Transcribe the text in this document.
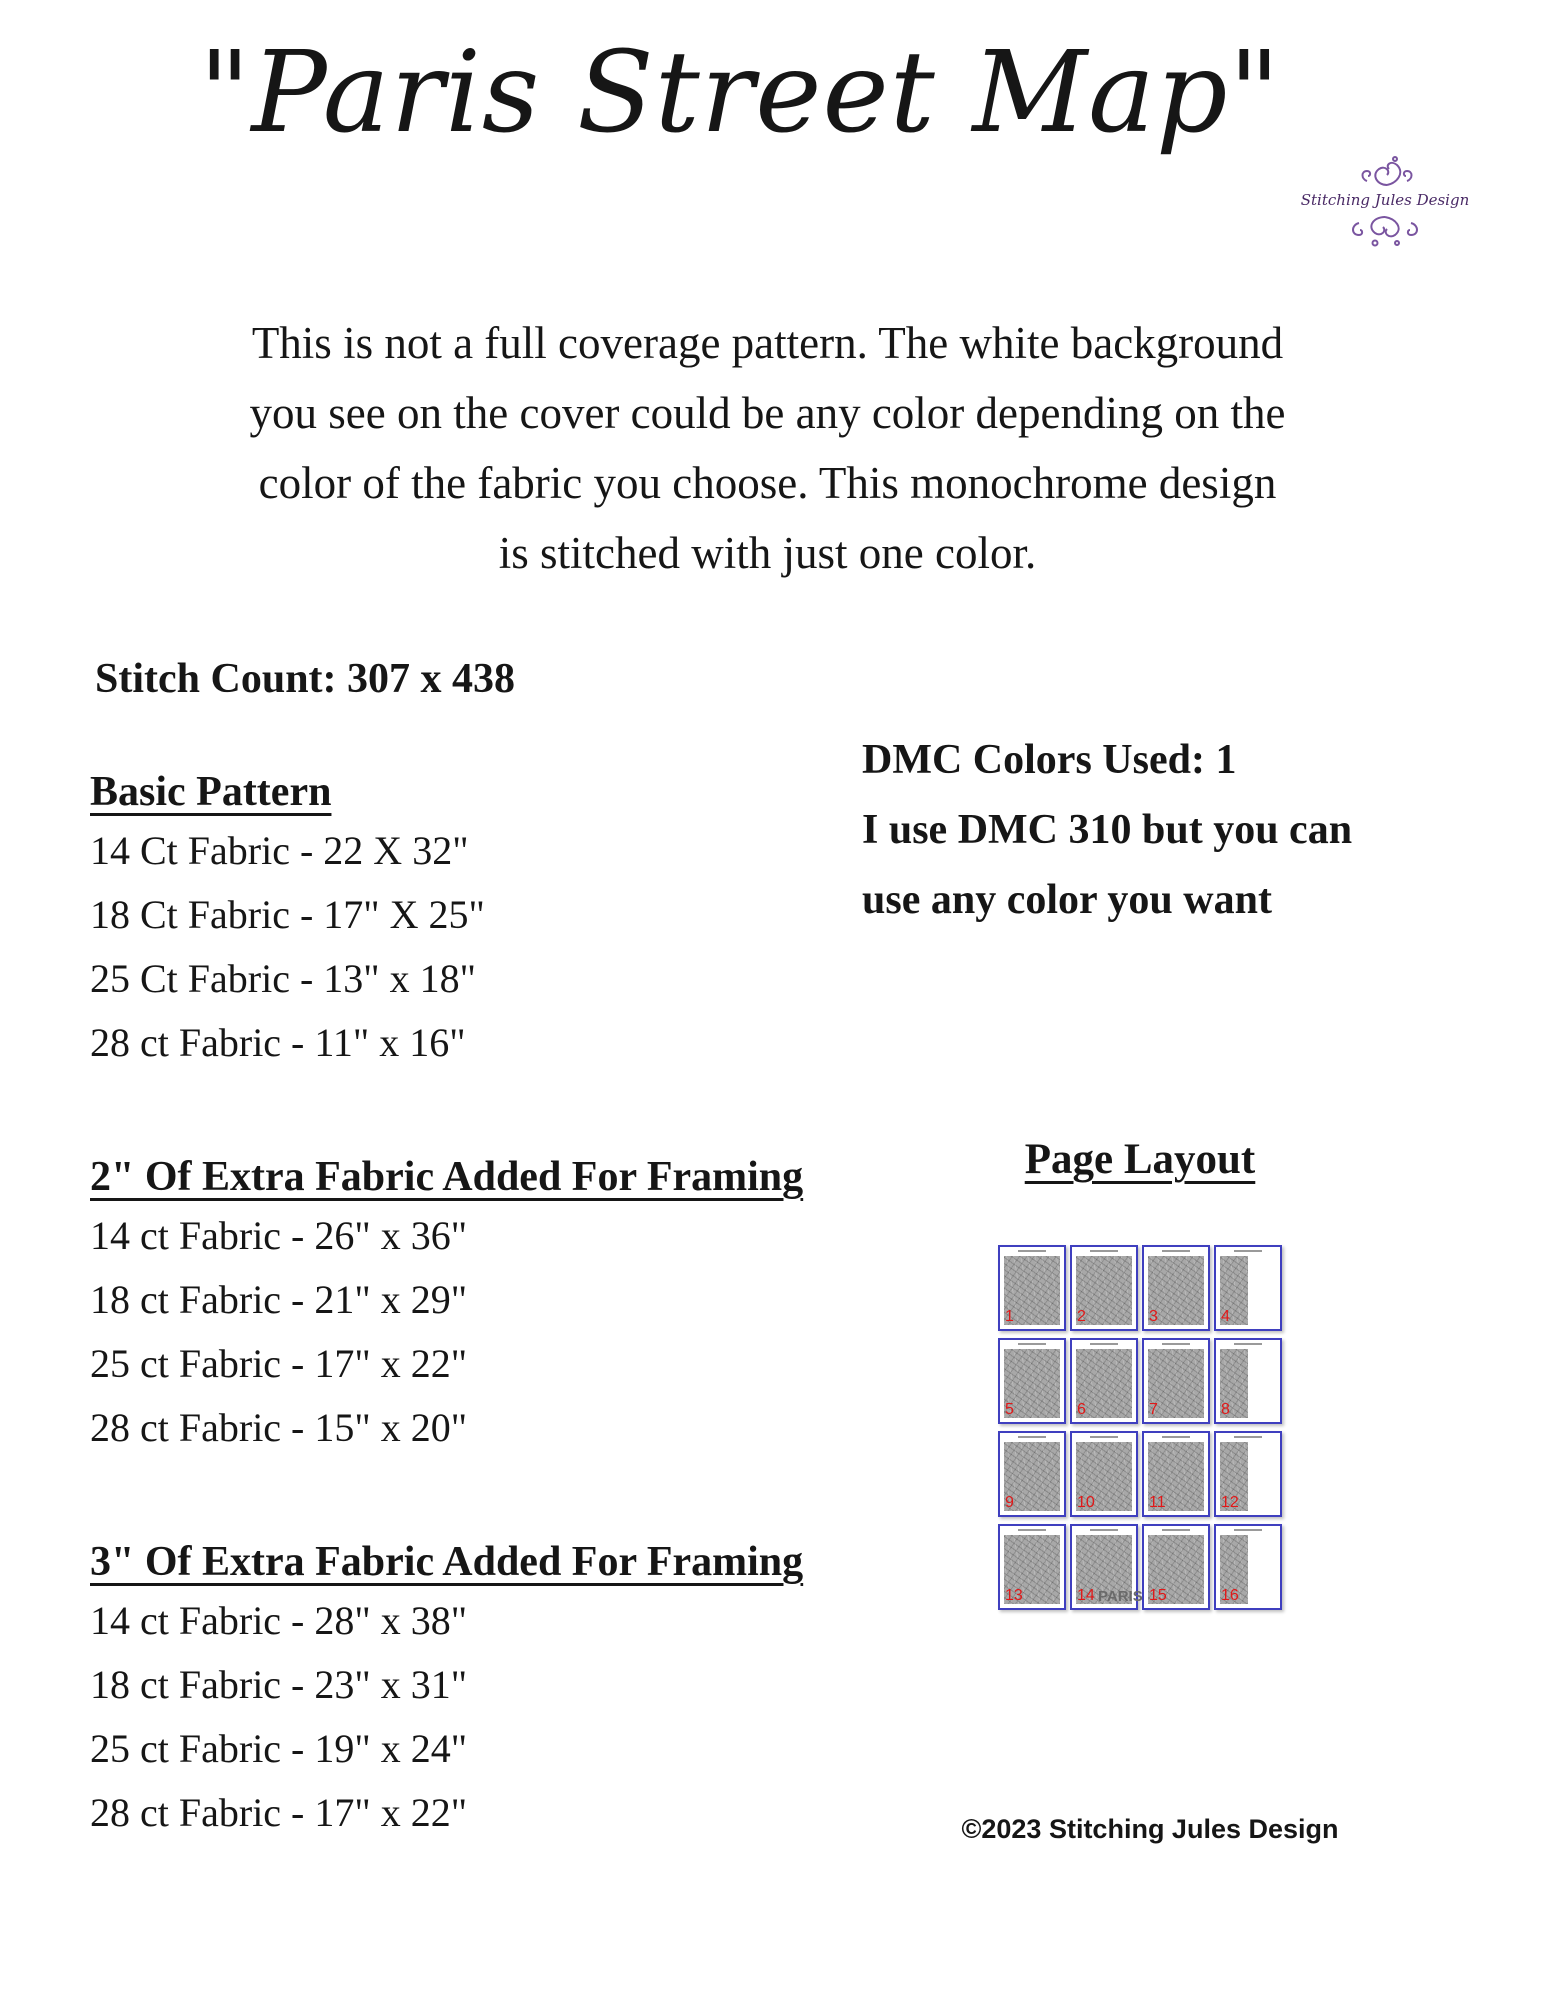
"Paris Street Map"
Stitching Jules Design
This is not a full coverage pattern. The white background
you see on the cover could be any color depending on the
color of the fabric you choose. This monochrome design
is stitched with just one color.
Stitch Count: 307 x 438
Basic Pattern
14 Ct Fabric - 22 X 32"
18 Ct Fabric - 17" X 25"
25 Ct Fabric - 13" x 18"
28 ct Fabric - 11" x 16"
2" Of Extra Fabric Added For Framing
14 ct Fabric - 26" x 36"
18 ct Fabric - 21" x 29"
25 ct Fabric - 17" x 22"
28 ct Fabric - 15" x 20"
3" Of Extra Fabric Added For Framing
14 ct Fabric - 28" x 38"
18 ct Fabric - 23" x 31"
25 ct Fabric - 19" x 24"
28 ct Fabric - 17" x 22"
DMC Colors Used: 1
I use DMC 310 but you can
use any color you want
Page Layout
1	2	3	4
5	6	7	8
9	10	11	12
13	14	15	16
PARIS
©2023 Stitching Jules Design
